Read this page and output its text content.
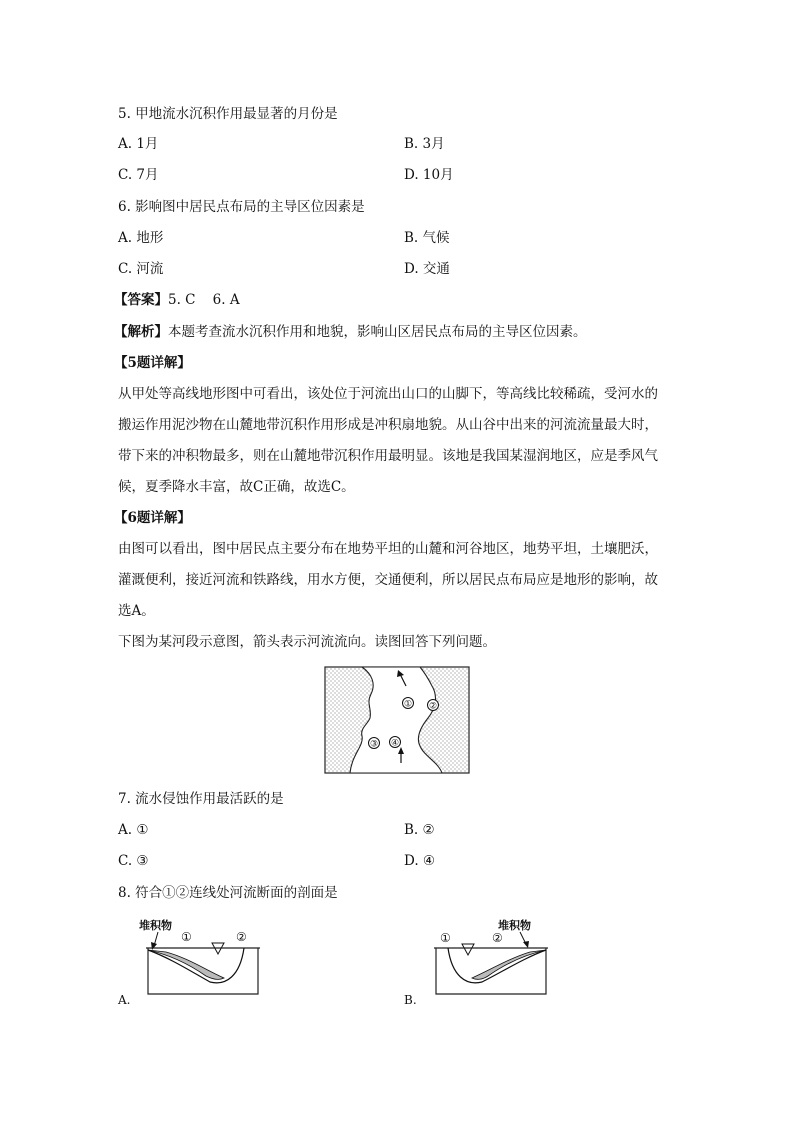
5. 甲地流水沉积作用最显著的月份是
A. 1月	B. 3月
C. 7月	D. 10月
6. 影响图中居民点布局的主导区位因素是
A. 地形	B. 气候
C. 河流	D. 交通
【答案】5. C    6. A
【解析】本题考查流水沉积作用和地貌，影响山区居民点布局的主导区位因素。
【5题详解】
从甲处等高线地形图中可看出，该处位于河流出山口的山脚下，等高线比较稀疏，受河水的
搬运作用泥沙物在山麓地带沉积作用形成是冲积扇地貌。从山谷中出来的河流流量最大时，
带下来的冲积物最多，则在山麓地带沉积作用最明显。该地是我国某湿润地区，应是季风气
候，夏季降水丰富，故C正确，故选C。
【6题详解】
由图可以看出，图中居民点主要分布在地势平坦的山麓和河谷地区，地势平坦，土壤肥沃，
灌溉便利，接近河流和铁路线，用水方便，交通便利，所以居民点布局应是地形的影响，故
选A。
下图为某河段示意图，箭头表示河流流向。读图回答下列问题。
① ②
③ ④
7. 流水侵蚀作用最活跃的是
A. ①	B. ②
C. ③	D. ④
8. 符合①②连线处河流断面的剖面是
堆积物
①	②
A.
堆积物
①	②
B.
